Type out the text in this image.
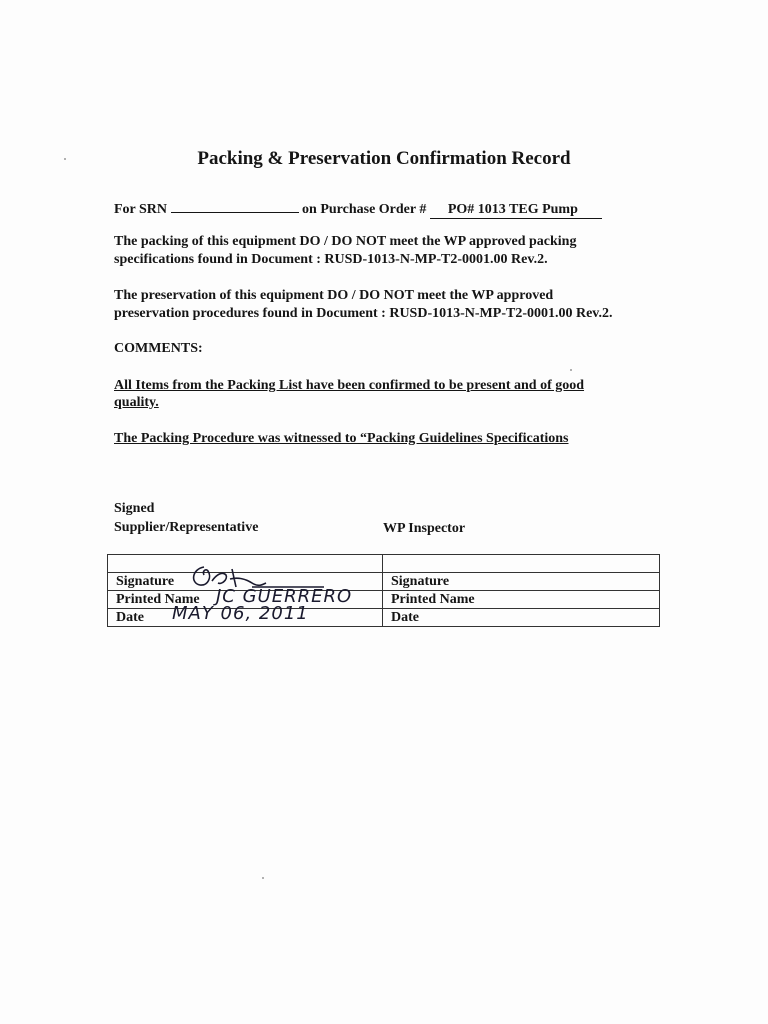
Packing & Preservation Confirmation Record
For SRN	on Purchase Order # PO# 1013 TEG Pump
The packing of this equipment DO / DO NOT meet the WP approved packing
specifications found in Document : RUSD-1013-N-MP-T2-0001.00 Rev.2.
The preservation of this equipment DO / DO NOT meet the WP approved
preservation procedures found in Document : RUSD-1013-N-MP-T2-0001.00 Rev.2.
COMMENTS:
All Items from the Packing List have been confirmed to be present and of good
quality.
The Packing Procedure was witnessed to “Packing Guidelines Specifications
Signed
Supplier/Representative	WP Inspector

Signature	Signature
Printed Name JC GUERRERO	Printed Name
Date MAY 06, 2011	Date
